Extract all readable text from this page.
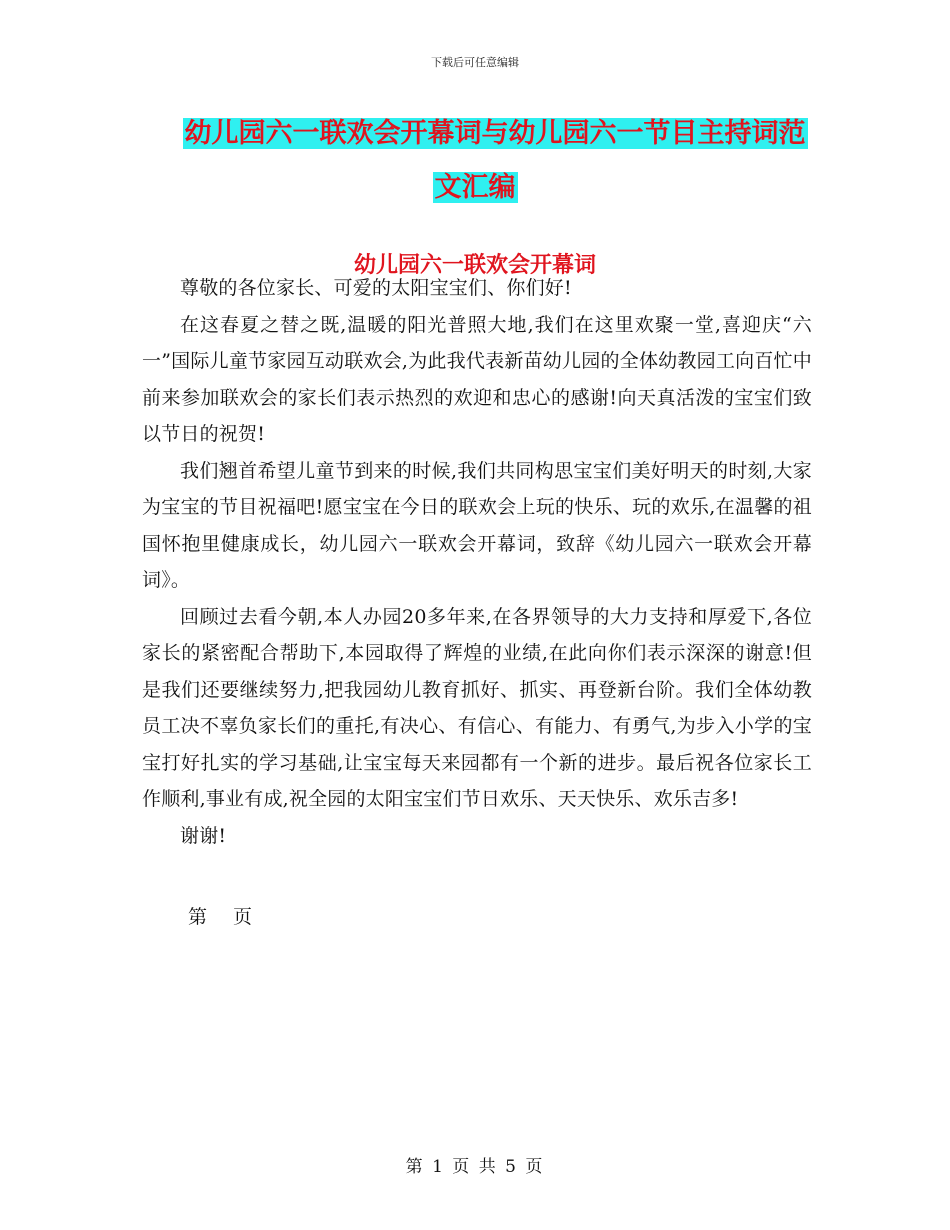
下载后可任意编辑
幼儿园六一联欢会开幕词与幼儿园六一节目主持词范
文汇编
幼儿园六一联欢会开幕词

尊敬的各位家长、可爱的太阳宝宝们、你们好!

在这春夏之替之既,温暖的阳光普照大地,我们在这里欢聚一堂,喜迎庆“六一”国际儿童节家园互动联欢会,为此我代表新苗幼儿园的全体幼教园工向百忙中前来参加联欢会的家长们表示热烈的欢迎和忠心的感谢!向天真活泼的宝宝们致以节日的祝贺!

我们翘首希望儿童节到来的时候,我们共同构思宝宝们美好明天的时刻,大家为宝宝的节目祝福吧!愿宝宝在今日的联欢会上玩的快乐、玩的欢乐,在温馨的祖国怀抱里健康成长，幼儿园六一联欢会开幕词，致辞《幼儿园六一联欢会开幕词》。

回顾过去看今朝,本人办园20多年来,在各界领导的大力支持和厚爱下,各位家长的紧密配合帮助下,本园取得了辉煌的业绩,在此向你们表示深深的谢意!但是我们还要继续努力,把我园幼儿教育抓好、抓实、再登新台阶。我们全体幼教员工决不辜负家长们的重托,有决心、有信心、有能力、有勇气,为步入小学的宝宝打好扎实的学习基础,让宝宝每天来园都有一个新的进步。最后祝各位家长工作顺利,事业有成,祝全园的太阳宝宝们节日欢乐、天天快乐、欢乐吉多!

谢谢!

第 页
第 1 页 共 5 页
